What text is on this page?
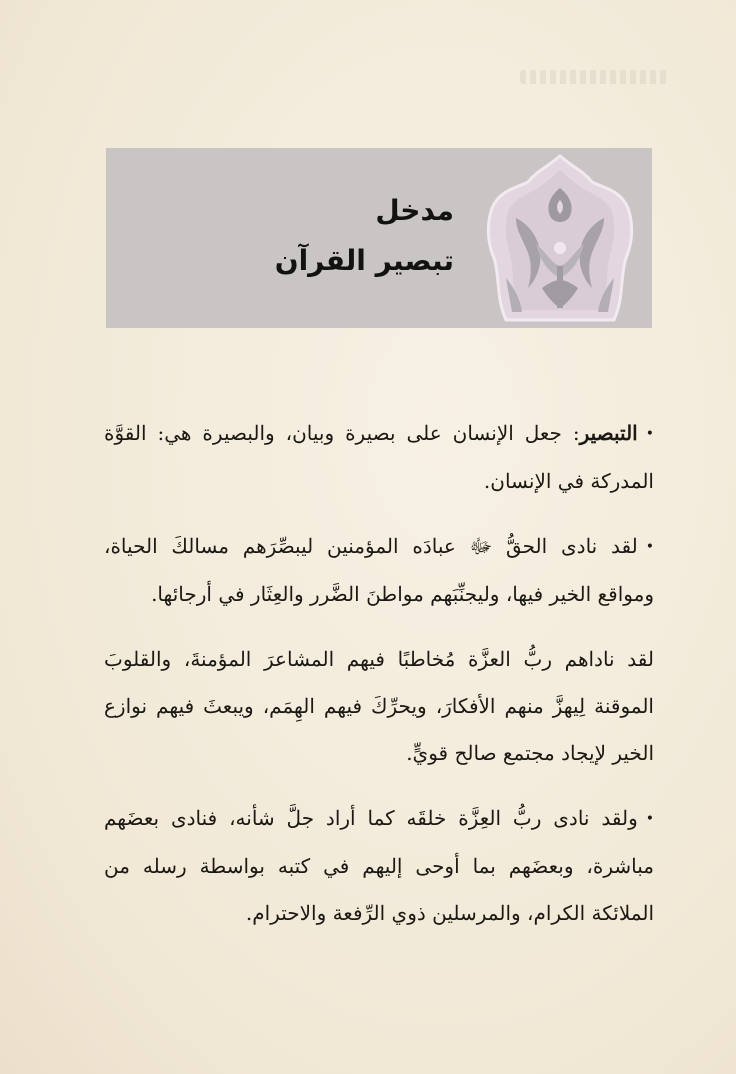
مدخل
تبصير القرآن

•التبصير: جعل الإنسان على بصيرة وبيان، والبصيرة هي: القوَّة المدركة في الإنسان.

•لقد نادى الحقُّ ﷻ عبادَه المؤمنين ليبصِّرَهم مسالكَ الحياة، ومواقع الخير فيها، وليجنِّبَهم مواطنَ الضَّرر والعِثَار في أرجائها.

لقد ناداهم ربُّ العزَّة مُخاطبًا فيهم المشاعرَ المؤمنةَ، والقلوبَ الموقنة لِيهزَّ منهم الأفكارَ، ويحرِّكَ فيهم الهِمَم، ويبعثَ فيهم نوازع الخير لإيجاد مجتمع صالح قويٍّ.

•ولقد نادى ربُّ العِزَّة خلقَه كما أراد جلَّ شأنه، فنادى بعضَهم مباشرة، وبعضَهم بما أوحى إليهم في كتبه بواسطة رسله من الملائكة الكرام، والمرسلين ذوي الرِّفعة والاحترام.
